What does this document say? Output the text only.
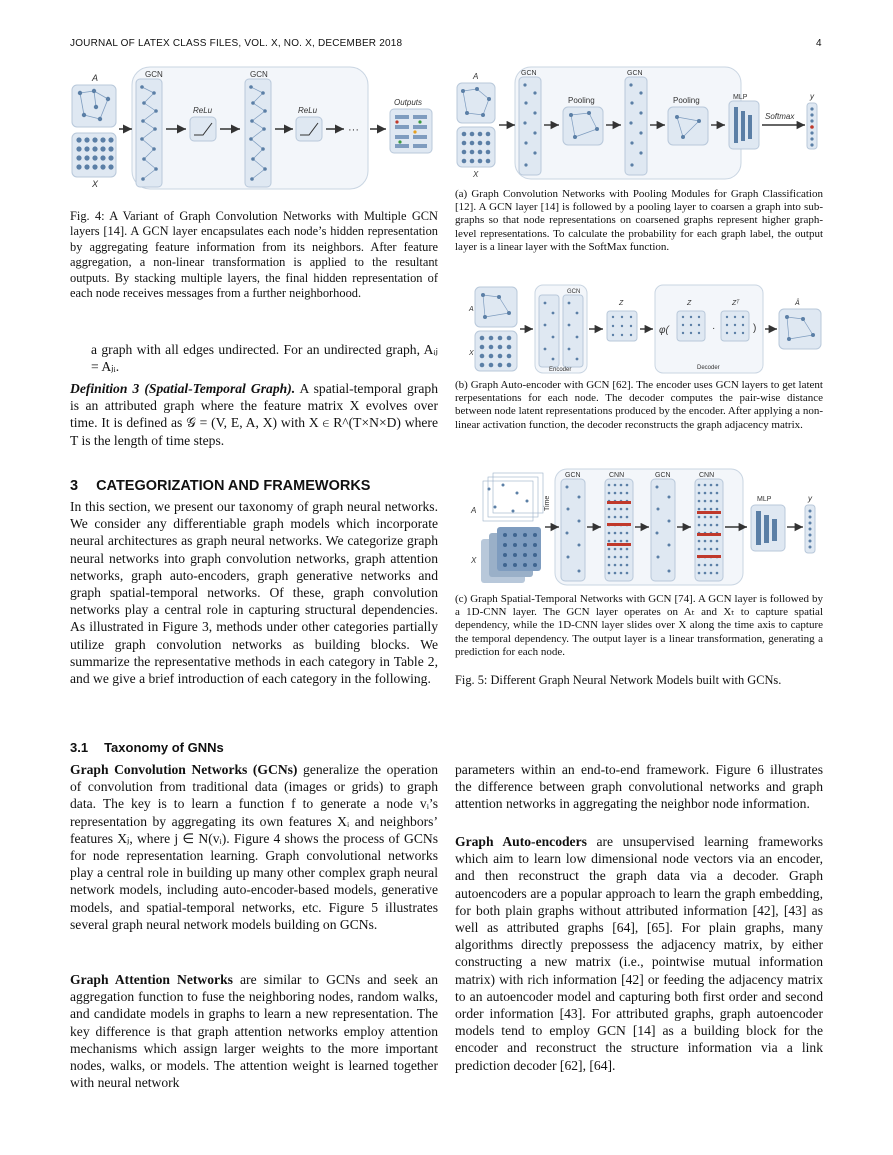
JOURNAL OF LATEX CLASS FILES, VOL. X, NO. X, DECEMBER 2018	4
A
X
GCN
ReLu
GCN
ReLu
···
Outputs
Fig. 4: A Variant of Graph Convolution Networks with Multiple GCN layers [14]. A GCN layer encapsulates each node’s hidden representation by aggregating feature information from its neighbors. After feature aggregation, a non-linear transformation is applied to the resultant outputs. By stacking multiple layers, the final hidden representation of each node receives messages from a further neighborhood.
A
X
GCN
Pooling
GCN
Pooling	MLP
Softmax
y
(a) Graph Convolution Networks with Pooling Modules for Graph Classification [12]. A GCN layer [14] is followed by a pooling layer to coarsen a graph into sub-graphs so that node representations on coarsened graphs represent higher graph-level representations. To calculate the probability for each graph label, the output layer is a linear layer with the SoftMax function.
A
X
GCN
Encoder
Z
φ(
Z
·
Zᵀ
)
Decoder
Â
(b) Graph Auto-encoder with GCN [62]. The encoder uses GCN layers to get latent rerpesentations for each node. The decoder computes the pair-wise distance between node latent representations produced by the encoder. After applying a non-linear activation function, the decoder reconstructs the graph adjacency matrix.
A	Time
X
GCN	CNN	GCN	CNN
MLP	y
(c) Graph Spatial-Temporal Networks with GCN [74]. A GCN layer is followed by a 1D-CNN layer. The GCN layer operates on Aₜ and Xₜ to capture spatial dependency, while the 1D-CNN layer slides over X along the time axis to capture the temporal dependency. The output layer is a linear transformation, generating a prediction for each node.
Fig. 5: Different Graph Neural Network Models built with GCNs.
a graph with all edges undirected. For an undirected graph, Aᵢⱼ = Aⱼᵢ.
Definition 3 (Spatial-Temporal Graph). A spatial-temporal graph is an attributed graph where the feature matrix X evolves over time. It is defined as 𝒢 = (V, E, A, X) with X ∈ R^(T×N×D) where T is the length of time steps.
3 CATEGORIZATION AND FRAMEWORKS
In this section, we present our taxonomy of graph neural networks. We consider any differentiable graph models which incorporate neural architectures as graph neural networks. We categorize graph neural networks into graph convolution networks, graph attention networks, graph auto-encoders, graph generative networks and graph spatial-temporal networks. Of these, graph convolution networks play a central role in capturing structural dependencies. As illustrated in Figure 3, methods under other categories partially utilize graph convolution networks as building blocks. We summarize the representative methods in each category in Table 2, and we give a brief introduction of each category in the following.
3.1 Taxonomy of GNNs
Graph Convolution Networks (GCNs) generalize the operation of convolution from traditional data (images or grids) to graph data. The key is to learn a function f to generate a node vᵢ’s representation by aggregating its own features Xᵢ and neighbors’ features Xⱼ, where j ∈ N(vᵢ). Figure 4 shows the process of GCNs for node representation learning. Graph convolutional networks play a central role in building up many other complex graph neural network models, including auto-encoder-based models, generative models, and spatial-temporal networks, etc. Figure 5 illustrates several graph neural network models building on GCNs.
Graph Attention Networks are similar to GCNs and seek an aggregation function to fuse the neighboring nodes, random walks, and candidate models in graphs to learn a new representation. The key difference is that graph attention networks employ attention mechanisms which assign larger weights to the more important nodes, walks, or models. The attention weight is learned together with neural network
parameters within an end-to-end framework. Figure 6 illustrates the difference between graph convolutional networks and graph attention networks in aggregating the neighbor node information.
Graph Auto-encoders are unsupervised learning frameworks which aim to learn low dimensional node vectors via an encoder, and then reconstruct the graph data via a decoder. Graph autoencoders are a popular approach to learn the graph embedding, for both plain graphs without attributed information [42], [43] as well as attributed graphs [64], [65]. For plain graphs, many algorithms directly prepossess the adjacency matrix, by either constructing a new matrix (i.e., pointwise mutual information matrix) with rich information [42] or feeding the adjacency matrix to an autoencoder model and capturing both first order and second order information [43]. For attributed graphs, graph autoencoder models tend to employ GCN [14] as a building block for the encoder and reconstruct the structure information via a link prediction decoder [62], [64].
